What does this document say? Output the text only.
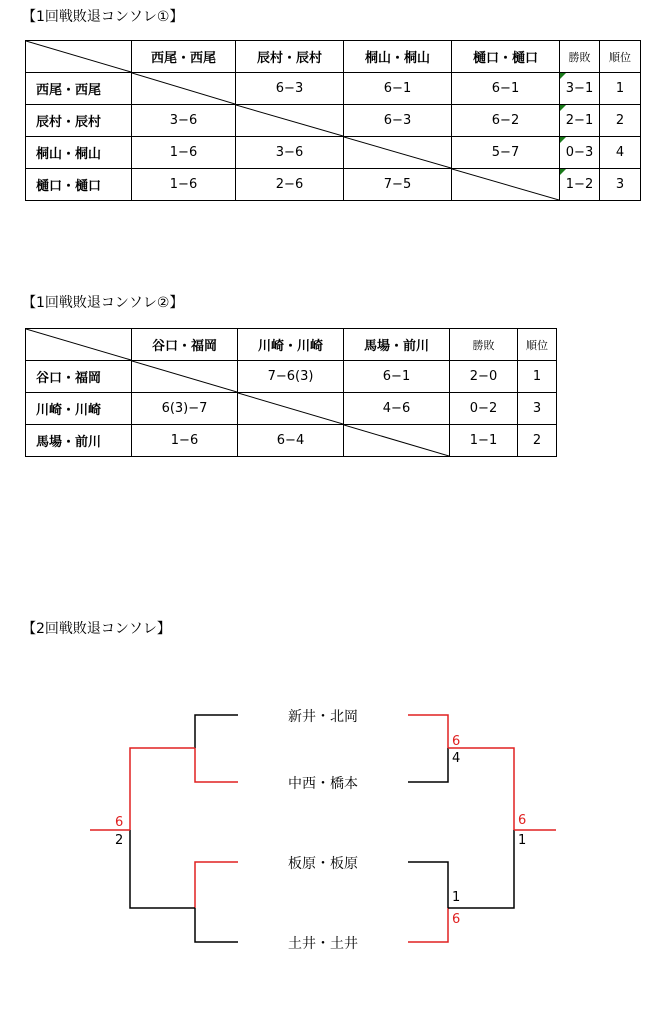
【1回戦敗退コンソレ①】
	西尾・西尾	辰村・辰村	桐山・桐山	樋口・樋口	勝敗	順位
西尾・西尾		6−3	6−1	6−1	3−1	1
辰村・辰村	3−6		6−3	6−2	2−1	2
桐山・桐山	1−6	3−6		5−7	0−3	4
樋口・樋口	1−6	2−6	7−5		1−2	3
【1回戦敗退コンソレ②】
	谷口・福岡	川崎・川崎	馬場・前川	勝敗	順位
谷口・福岡		7−6(3)	6−1	2−0	1
川崎・川崎	6(3)−7		4−6	0−2	3
馬場・前川	1−6	6−4		1−1	2
【2回戦敗退コンソレ】
新井・北岡
中西・橋本
板原・板原
土井・土井
6
2
6
4
1
6
6
1
